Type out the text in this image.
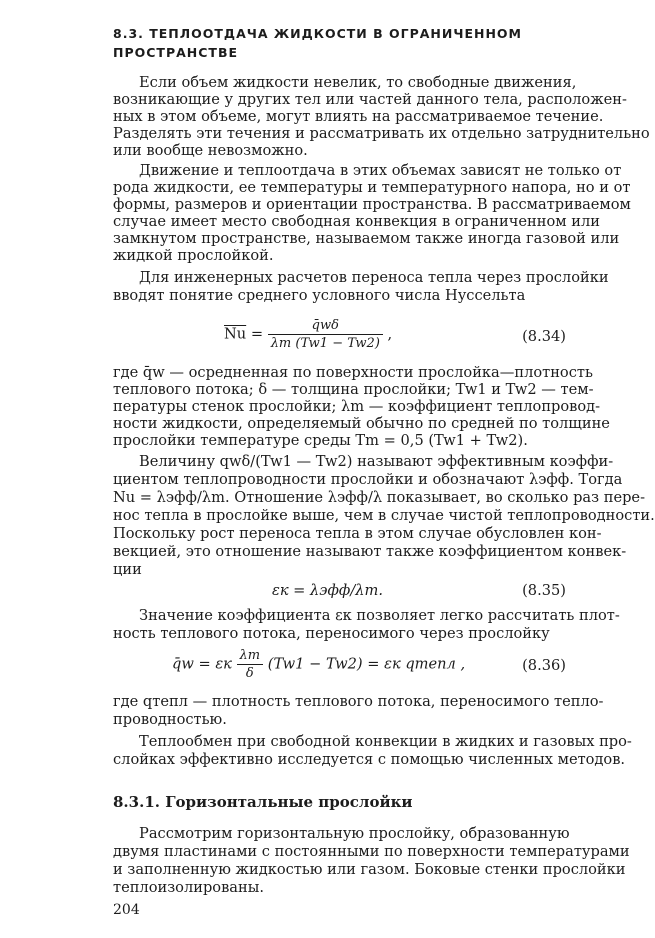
8.3. ТЕПЛООТДАЧА ЖИДКОСТИ В ОГРАНИЧЕННОМ
ПРОСТРАНСТВЕ
Если объем жидкости невелик, то свободные движения,
возникающие у других тел или частей данного тела, расположен-
ных в этом объеме, могут влиять на рассматриваемое течение.
Разделять эти течения и рассматривать их отдельно затруднительно
или вообще невозможно.
Движение и теплоотдача в этих объемах зависят не только от
рода жидкости, ее температуры и температурного напора, но и от
формы, размеров и ориентации пространства. В рассматриваемом
случае имеет место свободная конвекция в ограниченном или
замкнутом пространстве, называемом также иногда газовой или
жидкой прослойкой.
Для инженерных расчетов переноса тепла через прослойки
вводят понятие среднего условного числа Нуссельта
$\overline{Nu} = \frac{q̄w\delta}{\lambda m (Tw1 - Tw2)}$ ,	(8.34)
где q̄w — осредненная по поверхности прослойка—плотность
теплового потока; δ — толщина прослойки; Tw1 и Tw2 — тем-
пературы стенок прослойки; λm — коэффициент теплопровод-
ности жидкости, определяемый обычно по средней по толщине
прослойки температуре среды Tm = 0,5 (Tw1 + Tw2).
Величину qwδ/(Tw1 — Tw2) называют эффективным коэффи-
циентом теплопроводности прослойки и обозначают λэфф. Тогда
Nu = λэфф/λm. Отношение λэфф/λ показывает, во сколько раз пере-
нос тепла в прослойке выше, чем в случае чистой теплопроводности.
Поскольку рост переноса тепла в этом случае обусловлен кон-
векцией, это отношение называют также коэффициентом конвек-
ции
εк = λэфф/λm.	(8.35)
Значение коэффициента εк позволяет легко рассчитать плот-
ность теплового потока, переносимого через прослойку
q̄w = εк $\frac{\lambda m}{\delta} (Tw1 - Tw2) = \varepsilon к$ qтепл ,	(8.36)
где qтепл — плотность теплового потока, переносимого тепло-
проводностью.
Теплообмен при свободной конвекции в жидких и газовых про-
слойках эффективно исследуется с помощью численных методов.
8.3.1. Горизонтальные прослойки
Рассмотрим горизонтальную прослойку, образованную
двумя пластинами с постоянными по поверхности температурами
и заполненную жидкостью или газом. Боковые стенки прослойки
теплоизолированы.
204
